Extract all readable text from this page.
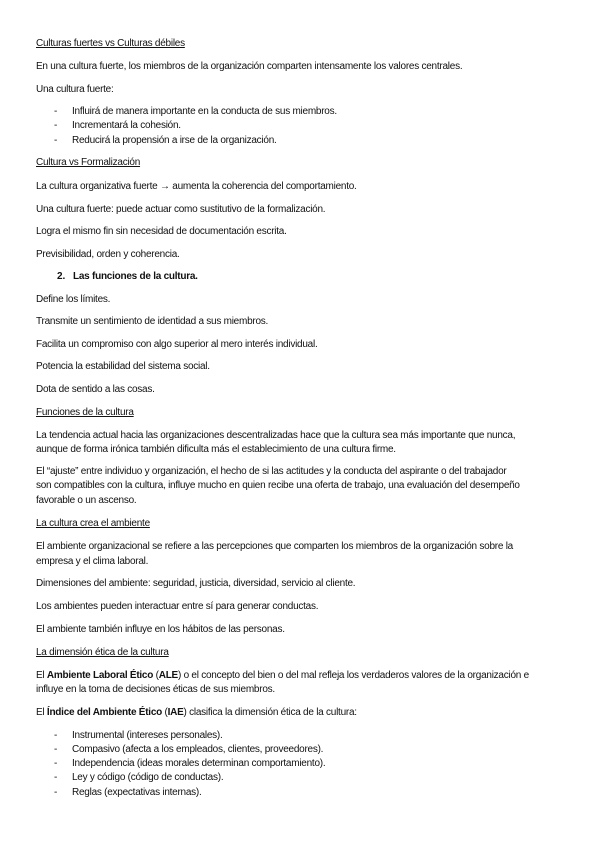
Culturas fuertes vs Culturas débiles

En una cultura fuerte, los miembros de la organización comparten intensamente los valores centrales.

Una cultura fuerte:

- Influirá de manera importante en la conducta de sus miembros.

- Incrementará la cohesión.

- Reducirá la propensión a irse de la organización.

Cultura vs Formalización

La cultura organizativa fuerte → aumenta la coherencia del comportamiento.

Una cultura fuerte: puede actuar como sustitutivo de la formalización.

Logra el mismo fin sin necesidad de documentación escrita.

Previsibilidad, orden y coherencia.

2. Las funciones de la cultura.

Define los límites.

Transmite un sentimiento de identidad a sus miembros.

Facilita un compromiso con algo superior al mero interés individual.

Potencia la estabilidad del sistema social.

Dota de sentido a las cosas.

Funciones de la cultura

La tendencia actual hacia las organizaciones descentralizadas hace que la cultura sea más importante que nunca,

aunque de forma irónica también dificulta más el establecimiento de una cultura firme.

El “ajuste” entre individuo y organización, el hecho de si las actitudes y la conducta del aspirante o del trabajador

son compatibles con la cultura, influye mucho en quien recibe una oferta de trabajo, una evaluación del desempeño

favorable o un ascenso.

La cultura crea el ambiente

El ambiente organizacional se refiere a las percepciones que comparten los miembros de la organización sobre la

empresa y el clima laboral.

Dimensiones del ambiente: seguridad, justicia, diversidad, servicio al cliente.

Los ambientes pueden interactuar entre sí para generar conductas.

El ambiente también influye en los hábitos de las personas.

La dimensión ética de la cultura

El Ambiente Laboral Ético (ALE) o el concepto del bien o del mal refleja los verdaderos valores de la organización e

influye en la toma de decisiones éticas de sus miembros.

El Índice del Ambiente Ético (IAE) clasifica la dimensión ética de la cultura:

- Instrumental (intereses personales).

- Compasivo (afecta a los empleados, clientes, proveedores).

- Independencia (ideas morales determinan comportamiento).

- Ley y código (código de conductas).

- Reglas (expectativas internas).
